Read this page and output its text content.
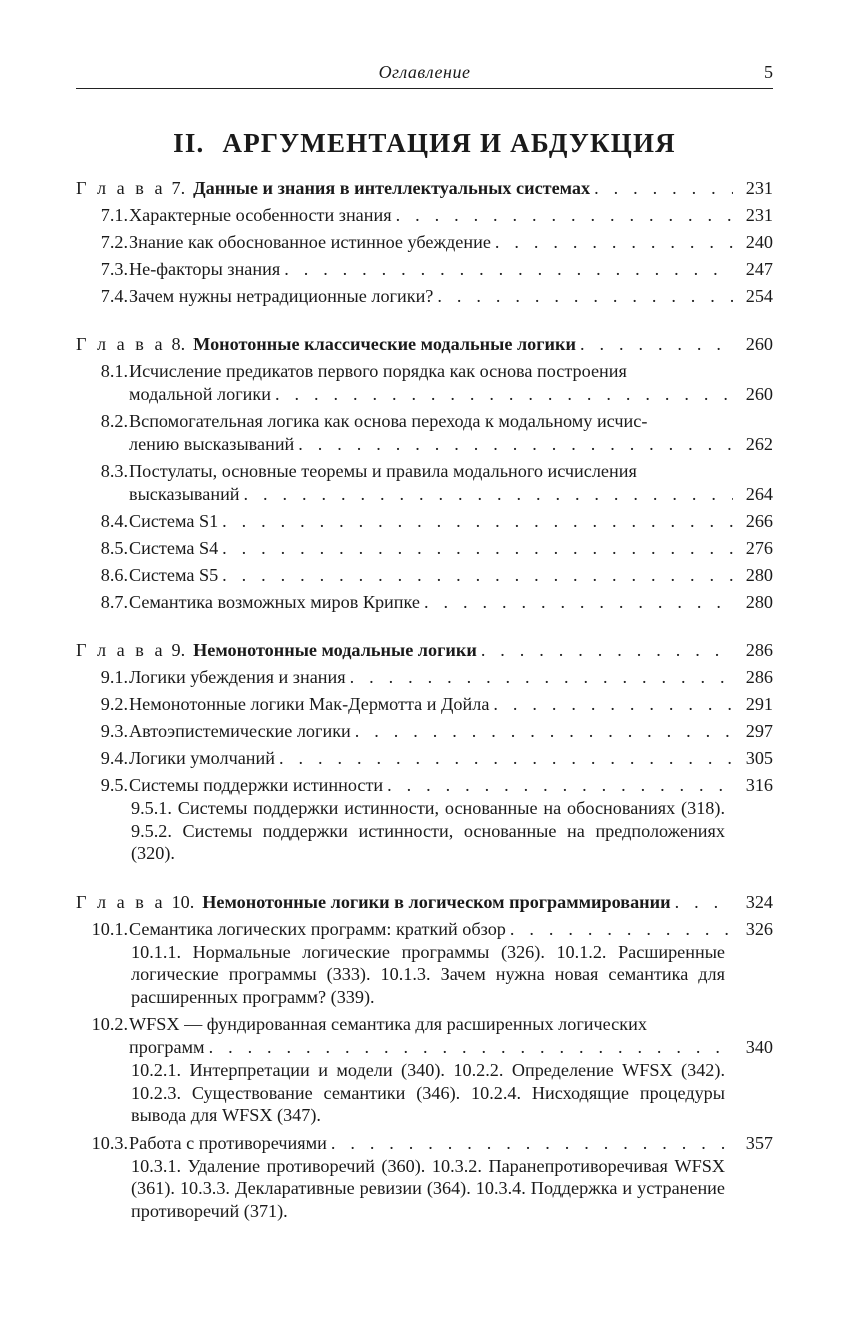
Оглавление	5
II. АРГУМЕНТАЦИЯ И АБДУКЦИЯ
Г л а в а 7. Данные и знания в интеллектуальных системах . . .	231
7.1. Характерные особенности знания . . .	231
7.2. Знание как обоснованное истинное убеждение . . .	240
7.3. Не-факторы знания . . .	247
7.4. Зачем нужны нетрадиционные логики? . . .	254
Г л а в а 8. Монотонные классические модальные логики . . .	260
8.1. Исчисление предикатов первого порядка как основа построения
модальной логики . . .	260
8.2. Вспомогательная логика как основа перехода к модальному исчис-
лению высказываний . . .	262
8.3. Постулаты, основные теоремы и правила модального исчисления
высказываний . . .	264
8.4. Система S1 . . .	266
8.5. Система S4 . . .	276
8.6. Система S5 . . .	280
8.7. Семантика возможных миров Крипке . . .	280
Г л а в а 9. Немонотонные модальные логики . . .	286
9.1. Логики убеждения и знания . . .	286
9.2. Немонотонные логики Мак-Дермотта и Дойла . . .	291
9.3. Автоэпистемические логики . . .	297
9.4. Логики умолчаний . . .	305
9.5. Системы поддержки истинности . . .	316
9.5.1. Системы поддержки истинности, основанные на обоснованиях (318). 9.5.2. Системы поддержки истинности, основанные на предположениях (320).
Г л а в а 10. Немонотонные логики в логическом программировании . . .	324
10.1. Семантика логических программ: краткий обзор . . .	326
10.1.1. Нормальные логические программы (326). 10.1.2. Расширенные логические программы (333). 10.1.3. Зачем нужна новая семантика для расширенных программ? (339).
10.2. WFSX — фундированная семантика для расширенных логических
программ . . .	340
10.2.1. Интерпретации и модели (340). 10.2.2. Определение WFSX (342). 10.2.3. Существование семантики (346). 10.2.4. Нисходящие процедуры вывода для WFSX (347).
10.3. Работа с противоречиями . . .	357
10.3.1. Удаление противоречий (360). 10.3.2. Паранепротиворечивая WFSX (361). 10.3.3. Декларативные ревизии (364). 10.3.4. Поддержка и устранение противоречий (371).
